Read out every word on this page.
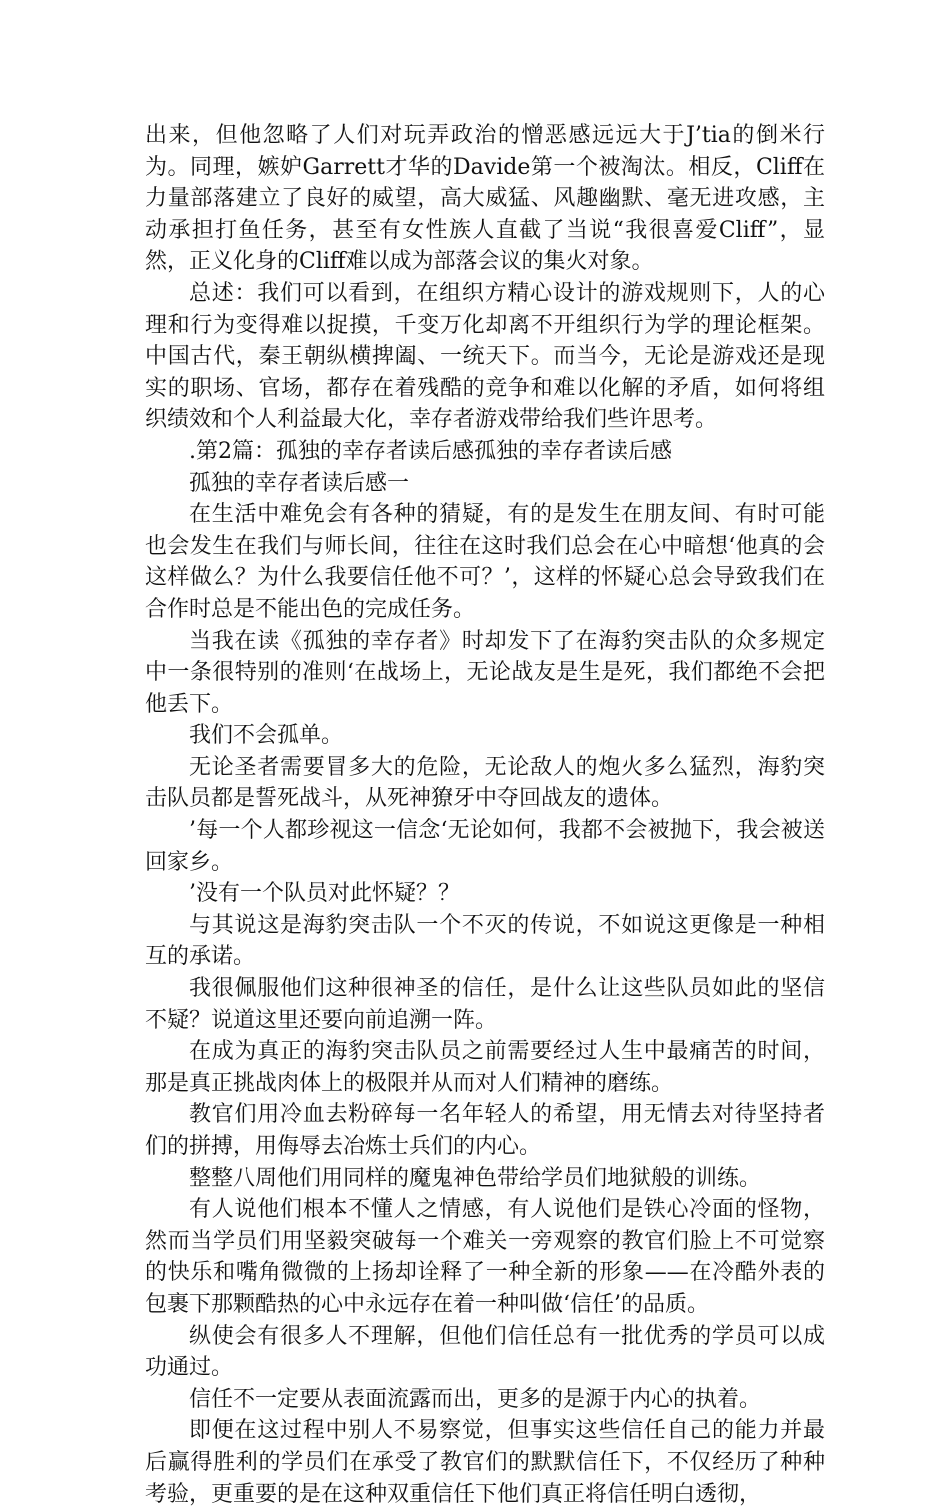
出来，但他忽略了人们对玩弄政治的憎恶感远远大于J’tia的倒米行为。同理，嫉妒Garrett才华的Davide第一个被淘汰。相反，Cliff在力量部落建立了良好的威望，高大威猛、风趣幽默、毫无进攻感，主动承担打鱼任务，甚至有女性族人直截了当说“我很喜爱Cliff”，显然，正义化身的Cliff难以成为部落会议的集火对象。

总述：我们可以看到，在组织方精心设计的游戏规则下，人的心理和行为变得难以捉摸，千变万化却离不开组织行为学的理论框架。中国古代，秦王朝纵横捭阖、一统天下。而当今，无论是游戏还是现实的职场、官场，都存在着残酷的竞争和难以化解的矛盾，如何将组织绩效和个人利益最大化，幸存者游戏带给我们些许思考。

.第2篇：孤独的幸存者读后感孤独的幸存者读后感

孤独的幸存者读后感一

在生活中难免会有各种的猜疑，有的是发生在朋友间、有时可能也会发生在我们与师长间，往往在这时我们总会在心中暗想‘他真的会这样做么？为什么我要信任他不可？’，这样的怀疑心总会导致我们在合作时总是不能出色的完成任务。

当我在读《孤独的幸存者》时却发下了在海豹突击队的众多规定中一条很特别的准则‘在战场上，无论战友是生是死，我们都绝不会把他丢下。

我们不会孤单。

无论圣者需要冒多大的危险，无论敌人的炮火多么猛烈，海豹突击队员都是誓死战斗，从死神獠牙中夺回战友的遗体。

’每一个人都珍视这一信念‘无论如何，我都不会被抛下，我会被送回家乡。

’没有一个队员对此怀疑？？

与其说这是海豹突击队一个不灭的传说，不如说这更像是一种相互的承诺。

我很佩服他们这种很神圣的信任，是什么让这些队员如此的坚信不疑？说道这里还要向前追溯一阵。

在成为真正的海豹突击队员之前需要经过人生中最痛苦的时间，那是真正挑战肉体上的极限并从而对人们精神的磨练。

教官们用冷血去粉碎每一名年轻人的希望，用无情去对待坚持者们的拼搏，用侮辱去冶炼士兵们的内心。

整整八周他们用同样的魔鬼神色带给学员们地狱般的训练。

有人说他们根本不懂人之情感，有人说他们是铁心冷面的怪物，然而当学员们用坚毅突破每一个难关一旁观察的教官们脸上不可觉察的快乐和嘴角微微的上扬却诠释了一种全新的形象——在冷酷外表的包裹下那颗酷热的心中永远存在着一种叫做‘信任’的品质。

纵使会有很多人不理解，但他们信任总有一批优秀的学员可以成功通过。

信任不一定要从表面流露而出，更多的是源于内心的执着。

即便在这过程中别人不易察觉，但事实这些信任自己的能力并最后赢得胜利的学员们在承受了教官们的默默信任下，不仅经历了种种考验，更重要的是在这种双重信任下他们真正将信任明白透彻，
